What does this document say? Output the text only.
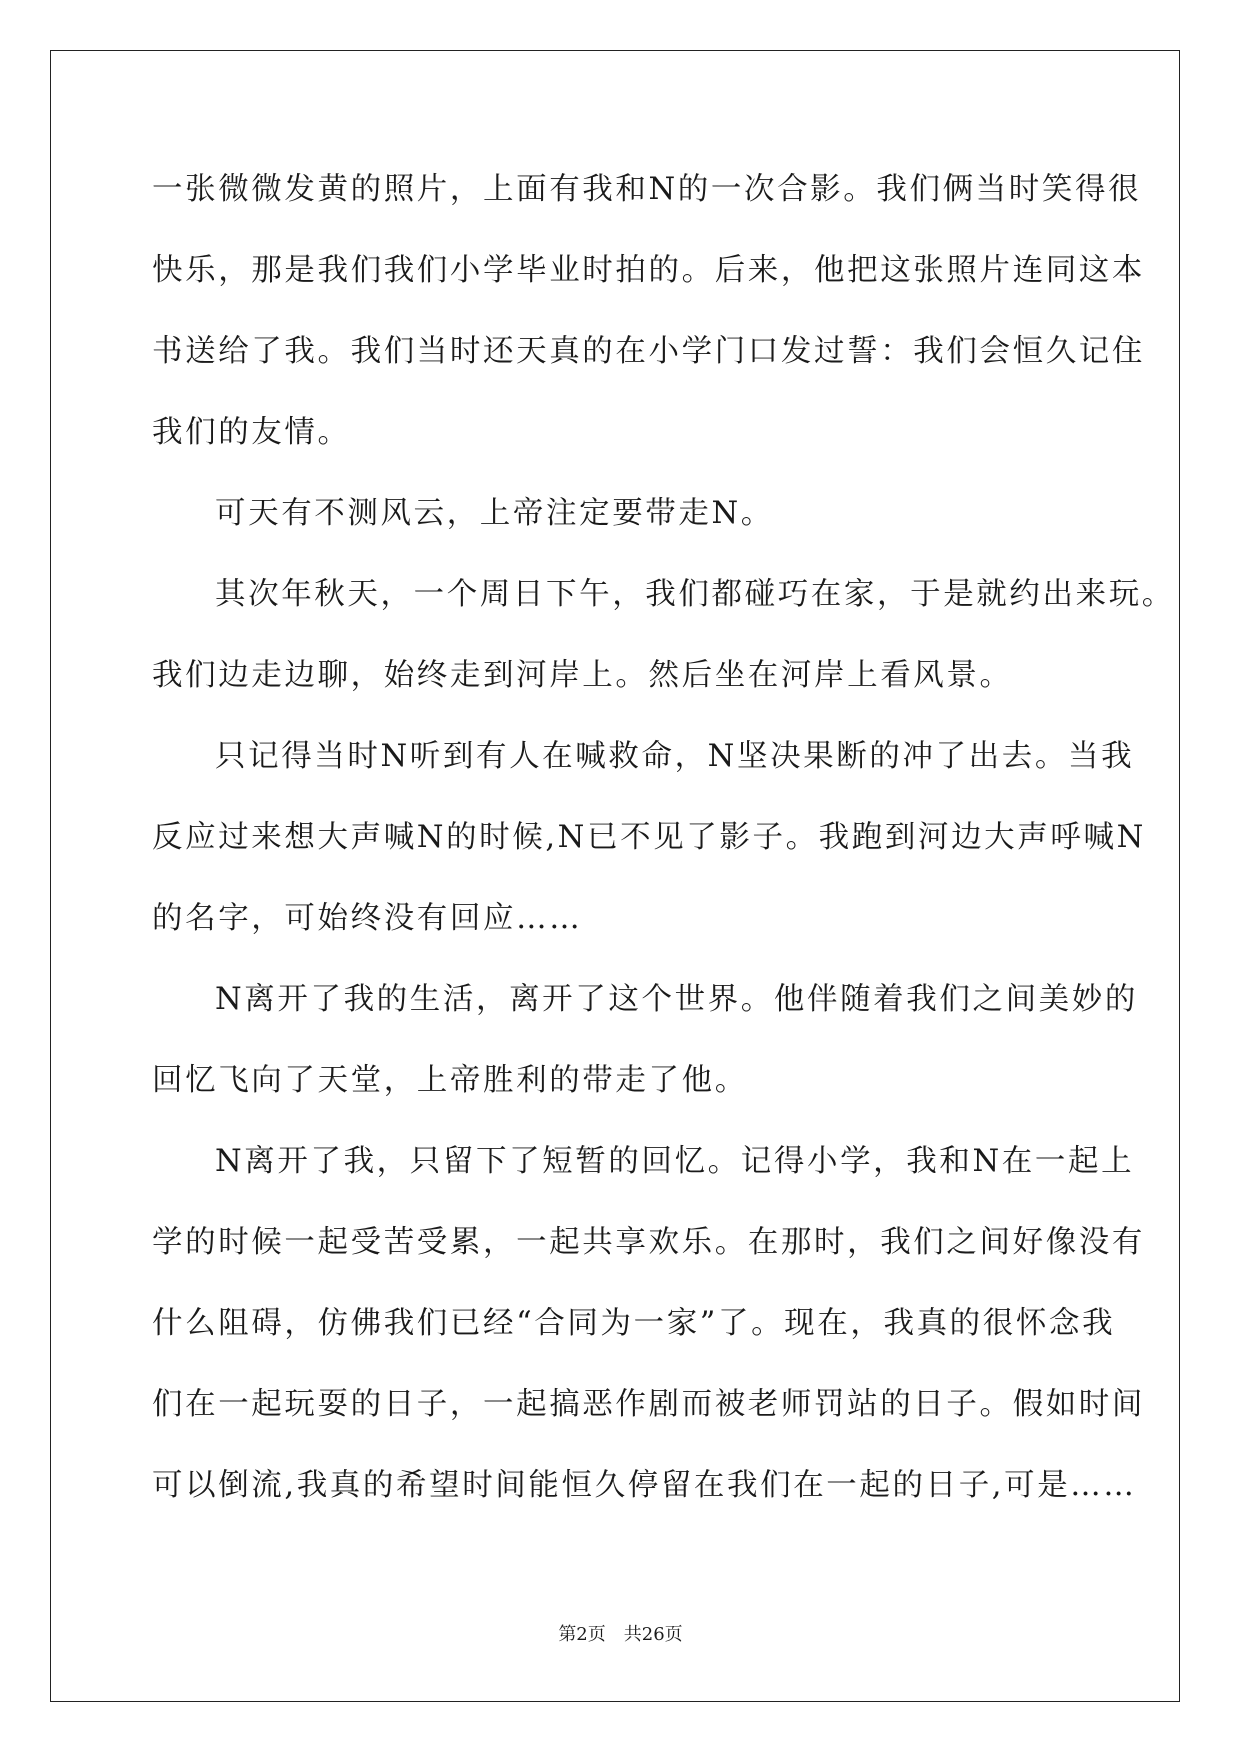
一张微微发黄的照片，上面有我和N的一次合影。我们俩当时笑得很
快乐，那是我们我们小学毕业时拍的。后来，他把这张照片连同这本
书送给了我。我们当时还天真的在小学门口发过誓：我们会恒久记住
我们的友情。
可天有不测风云，上帝注定要带走N。
其次年秋天，一个周日下午，我们都碰巧在家，于是就约出来玩。
我们边走边聊，始终走到河岸上。然后坐在河岸上看风景。
只记得当时N听到有人在喊救命，N坚决果断的冲了出去。当我
反应过来想大声喊N的时候,N已不见了影子。我跑到河边大声呼喊N
的名字，可始终没有回应……
N离开了我的生活，离开了这个世界。他伴随着我们之间美妙的
回忆飞向了天堂，上帝胜利的带走了他。
N离开了我，只留下了短暂的回忆。记得小学，我和N在一起上
学的时候一起受苦受累，一起共享欢乐。在那时，我们之间好像没有
什么阻碍，仿佛我们已经“合同为一家”了。现在，我真的很怀念我
们在一起玩耍的日子，一起搞恶作剧而被老师罚站的日子。假如时间
可以倒流,我真的希望时间能恒久停留在我们在一起的日子,可是……
第2页　共26页
